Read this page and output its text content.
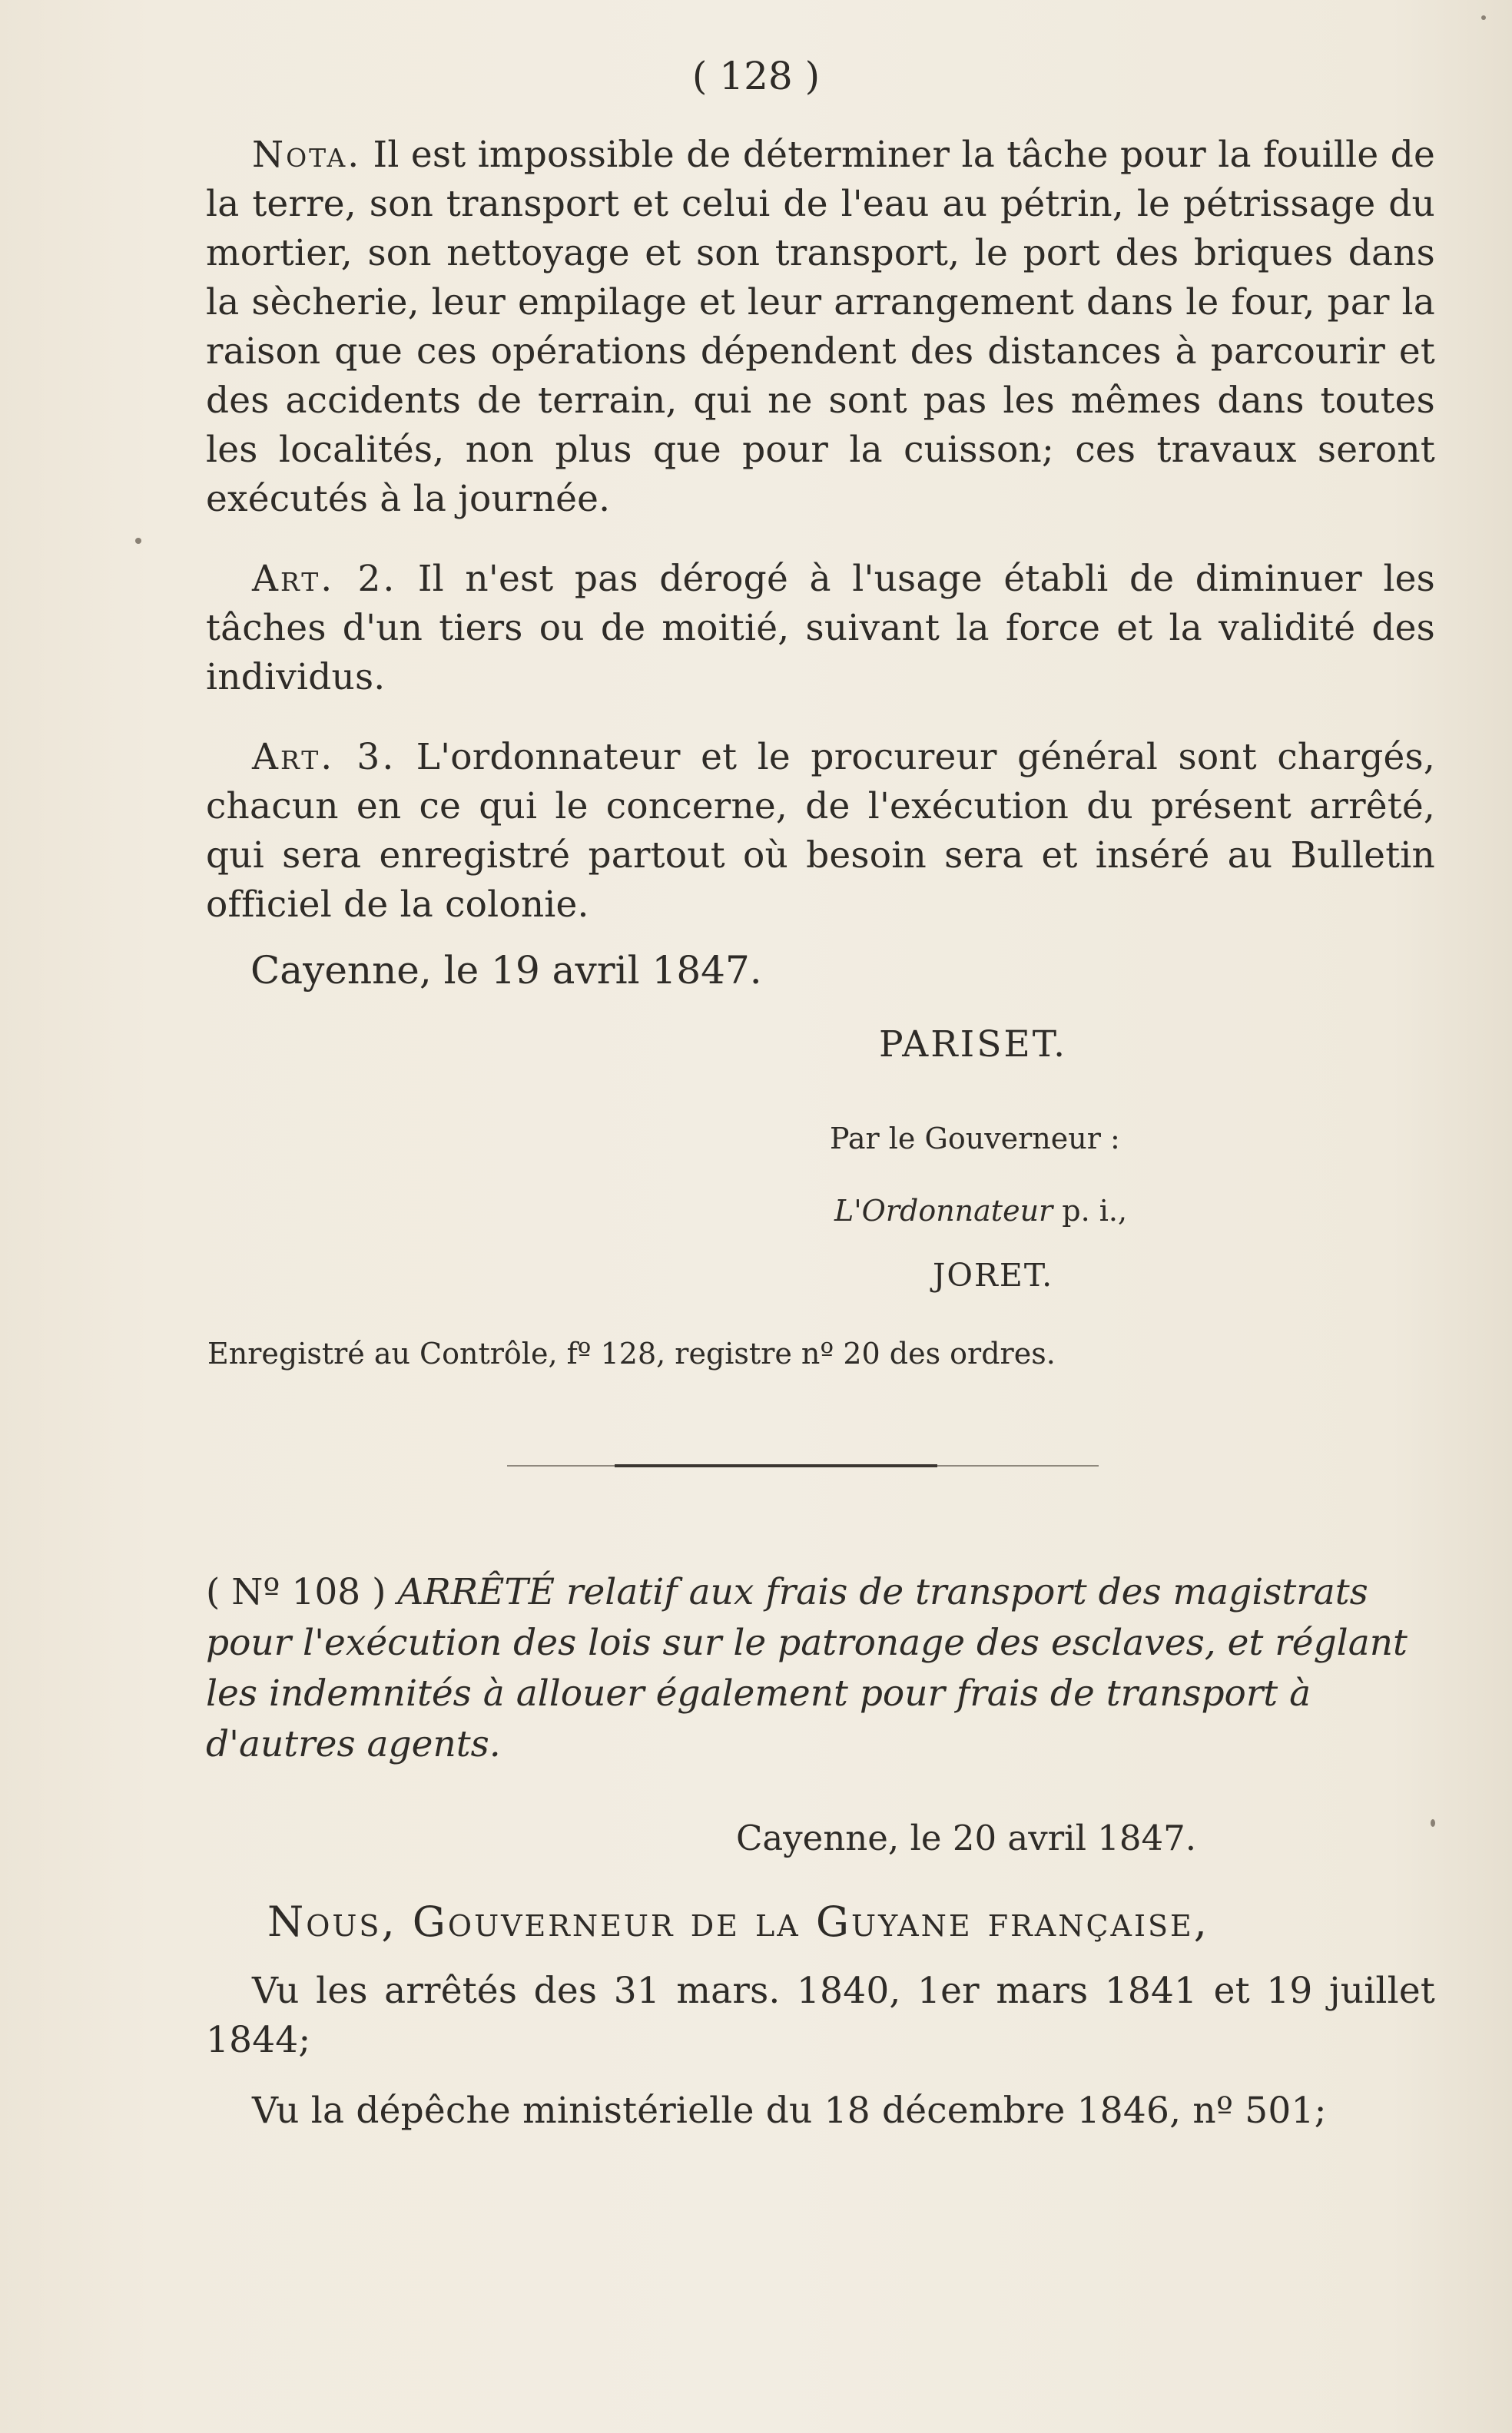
( 128 )

Nota. Il est impossible de déterminer la tâche pour la fouille de la terre, son transport et celui de l'eau au pétrin, le pétrissage du mortier, son nettoyage et son transport, le port des briques dans la sècherie, leur empilage et leur arrangement dans le four, par la raison que ces opérations dépendent des distances à parcourir et des accidents de terrain, qui ne sont pas les mêmes dans toutes les localités, non plus que pour la cuisson; ces travaux seront exécutés à la journée.

Art. 2. Il n'est pas dérogé à l'usage établi de diminuer les tâches d'un tiers ou de moitié, suivant la force et la validité des individus.

Art. 3. L'ordonnateur et le procureur général sont chargés, chacun en ce qui le concerne, de l'exécution du présent arrêté, qui sera enregistré partout où besoin sera et inséré au Bulletin officiel de la colonie.

Cayenne, le 19 avril 1847.
PARISET.
Par le Gouverneur :
L'Ordonnateur p. i.,
JORET.
Enregistré au Contrôle, fº 128, registre nº 20 des ordres.
( Nº 108 ) ARRÊTÉ relatif aux frais de transport des magistrats pour l'exécution des lois sur le patronage des esclaves, et réglant les indemnités à allouer également pour frais de transport à d'autres agents.
Cayenne, le 20 avril 1847.
Nous, Gouverneur de la Guyane française,

Vu les arrêtés des 31 mars. 1840, 1er mars 1841 et 19 juillet 1844;

Vu la dépêche ministérielle du 18 décembre 1846, nº 501;
